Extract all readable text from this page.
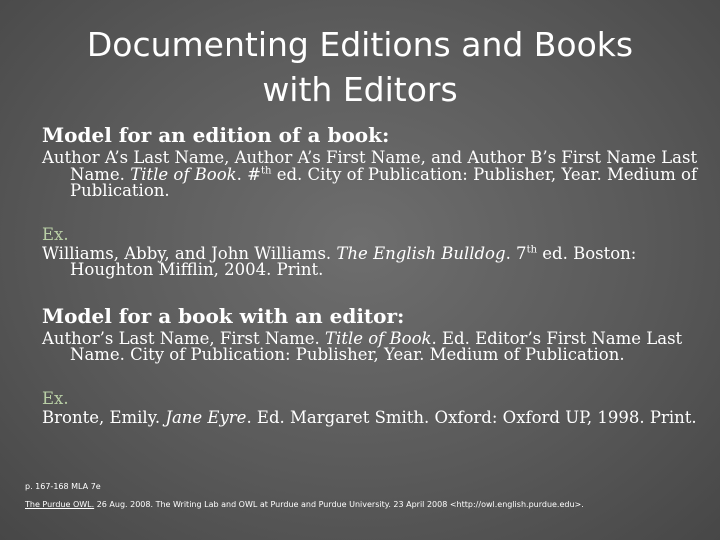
Documenting Editions and Books
with Editors

Model for an edition of a book:

Author A’s Last Name, Author A’s First Name, and Author B’s First Name Last Name. Title of Book. #$^{th}$ ed. City of Publication: Publisher, Year. Medium of Publication.

Ex.

Williams, Abby, and John Williams. The English Bulldog. 7th ed. Boston: Houghton Mifflin, 2004. Print.

Model for a book with an editor:

Author’s Last Name, First Name. Title of Book. Ed. Editor’s First Name Last Name. City of Publication: Publisher, Year. Medium of Publication.

Ex.

Bronte, Emily. Jane Eyre. Ed. Margaret Smith. Oxford: Oxford UP, 1998. Print.

p. 167-168 MLA 7e

The Purdue OWL. 26 Aug. 2008. The Writing Lab and OWL at Purdue and Purdue University. 23 April 2008 <http://owl.english.purdue.edu>.
